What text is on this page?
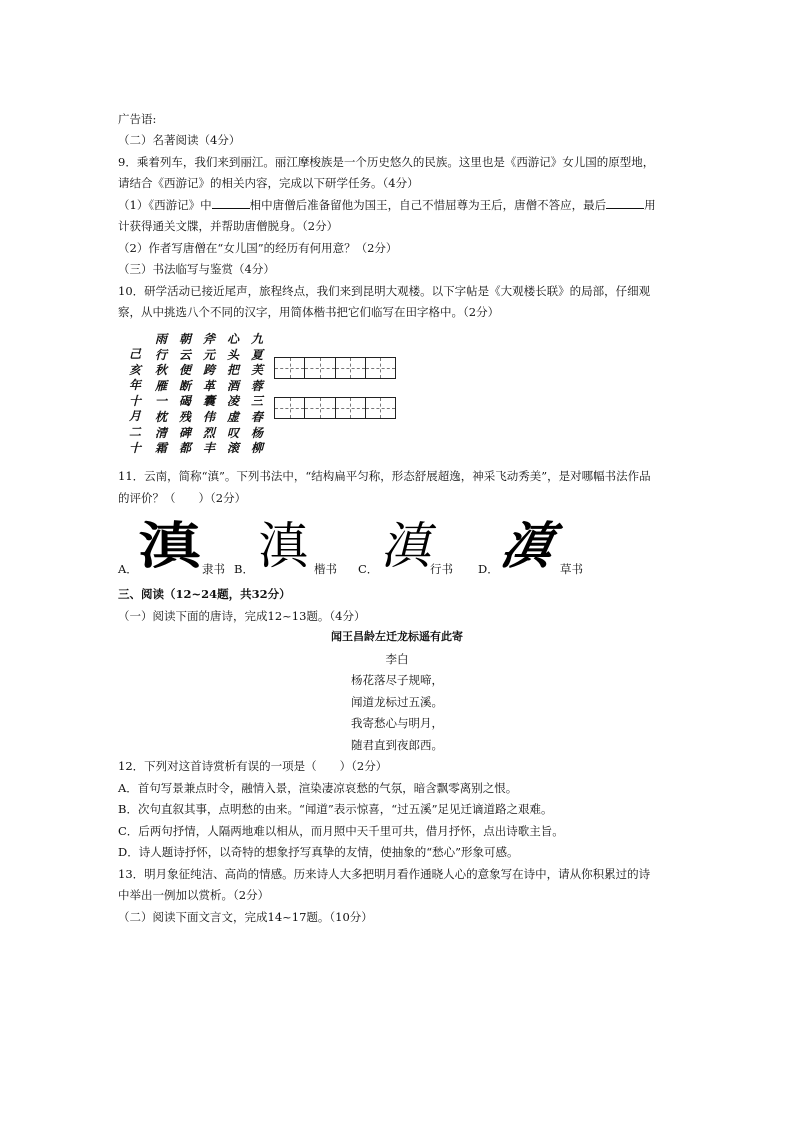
广告语:
（二）名著阅读（4分）
9．乘着列车，我们来到丽江。丽江摩梭族是一个历史悠久的民族。这里也是《西游记》女儿国的原型地，
请结合《西游记》的相关内容，完成以下研学任务。（4分）
（1）《西游记》中	相中唐僧后准备留他为国王，自己不惜屈尊为王后，唐僧不答应，最后	用
计获得通关文牒，并帮助唐僧脱身。（2分）
（2）作者写唐僧在“女儿国”的经历有何用意？（2分）
（三）书法临写与鉴赏（4分）
10．研学活动已接近尾声，旅程终点，我们来到昆明大观楼。以下字帖是《大观楼长联》的局部，仔细观
察，从中挑选八个不同的汉字，用简体楷书把它们临写在田字格中。（2分）
九
夏
芙
蓉
三
春
杨
柳
心
头
把
酒
凌
虚
叹
滚
斧
元
跨
革
囊
伟
烈
丰
朝
云
便
断
碣
残
碑
都
雨
行
秋
雁
一
枕
清
霜
己
亥
年
十
月
二
十
11．云南，简称“滇”。下列书法中，“结构扁平匀称，形态舒展超逸，神采飞动秀美”，是对哪幅书法作品
的评价？（　　）（2分）
A． 滇 隶书 B． 滇 楷书 C． 滇 行书 D．
滇 草书
三、阅读（12~24题，共32分）
（一）阅读下面的唐诗，完成12~13题。（4分）
闻王昌龄左迁龙标遥有此寄
李白
杨花落尽子规啼，
闻道龙标过五溪。
我寄愁心与明月，
随君直到夜郎西。
12．下列对这首诗赏析有误的一项是（　　）（2分）
A．首句写景兼点时令，融情入景，渲染凄凉哀愁的气氛，暗含飘零离别之恨。
B．次句直叙其事，点明愁的由来。“闻道”表示惊喜，“过五溪”足见迁谪道路之艰难。
C．后两句抒情，人隔两地难以相从，而月照中天千里可共，借月抒怀，点出诗歌主旨。
D．诗人题诗抒怀，以奇特的想象抒写真挚的友情，使抽象的“愁心”形象可感。
13．明月象征纯洁、高尚的情感。历来诗人大多把明月看作通晓人心的意象写在诗中，请从你积累过的诗
中举出一例加以赏析。（2分）
（二）阅读下面文言文，完成14~17题。（10分）
